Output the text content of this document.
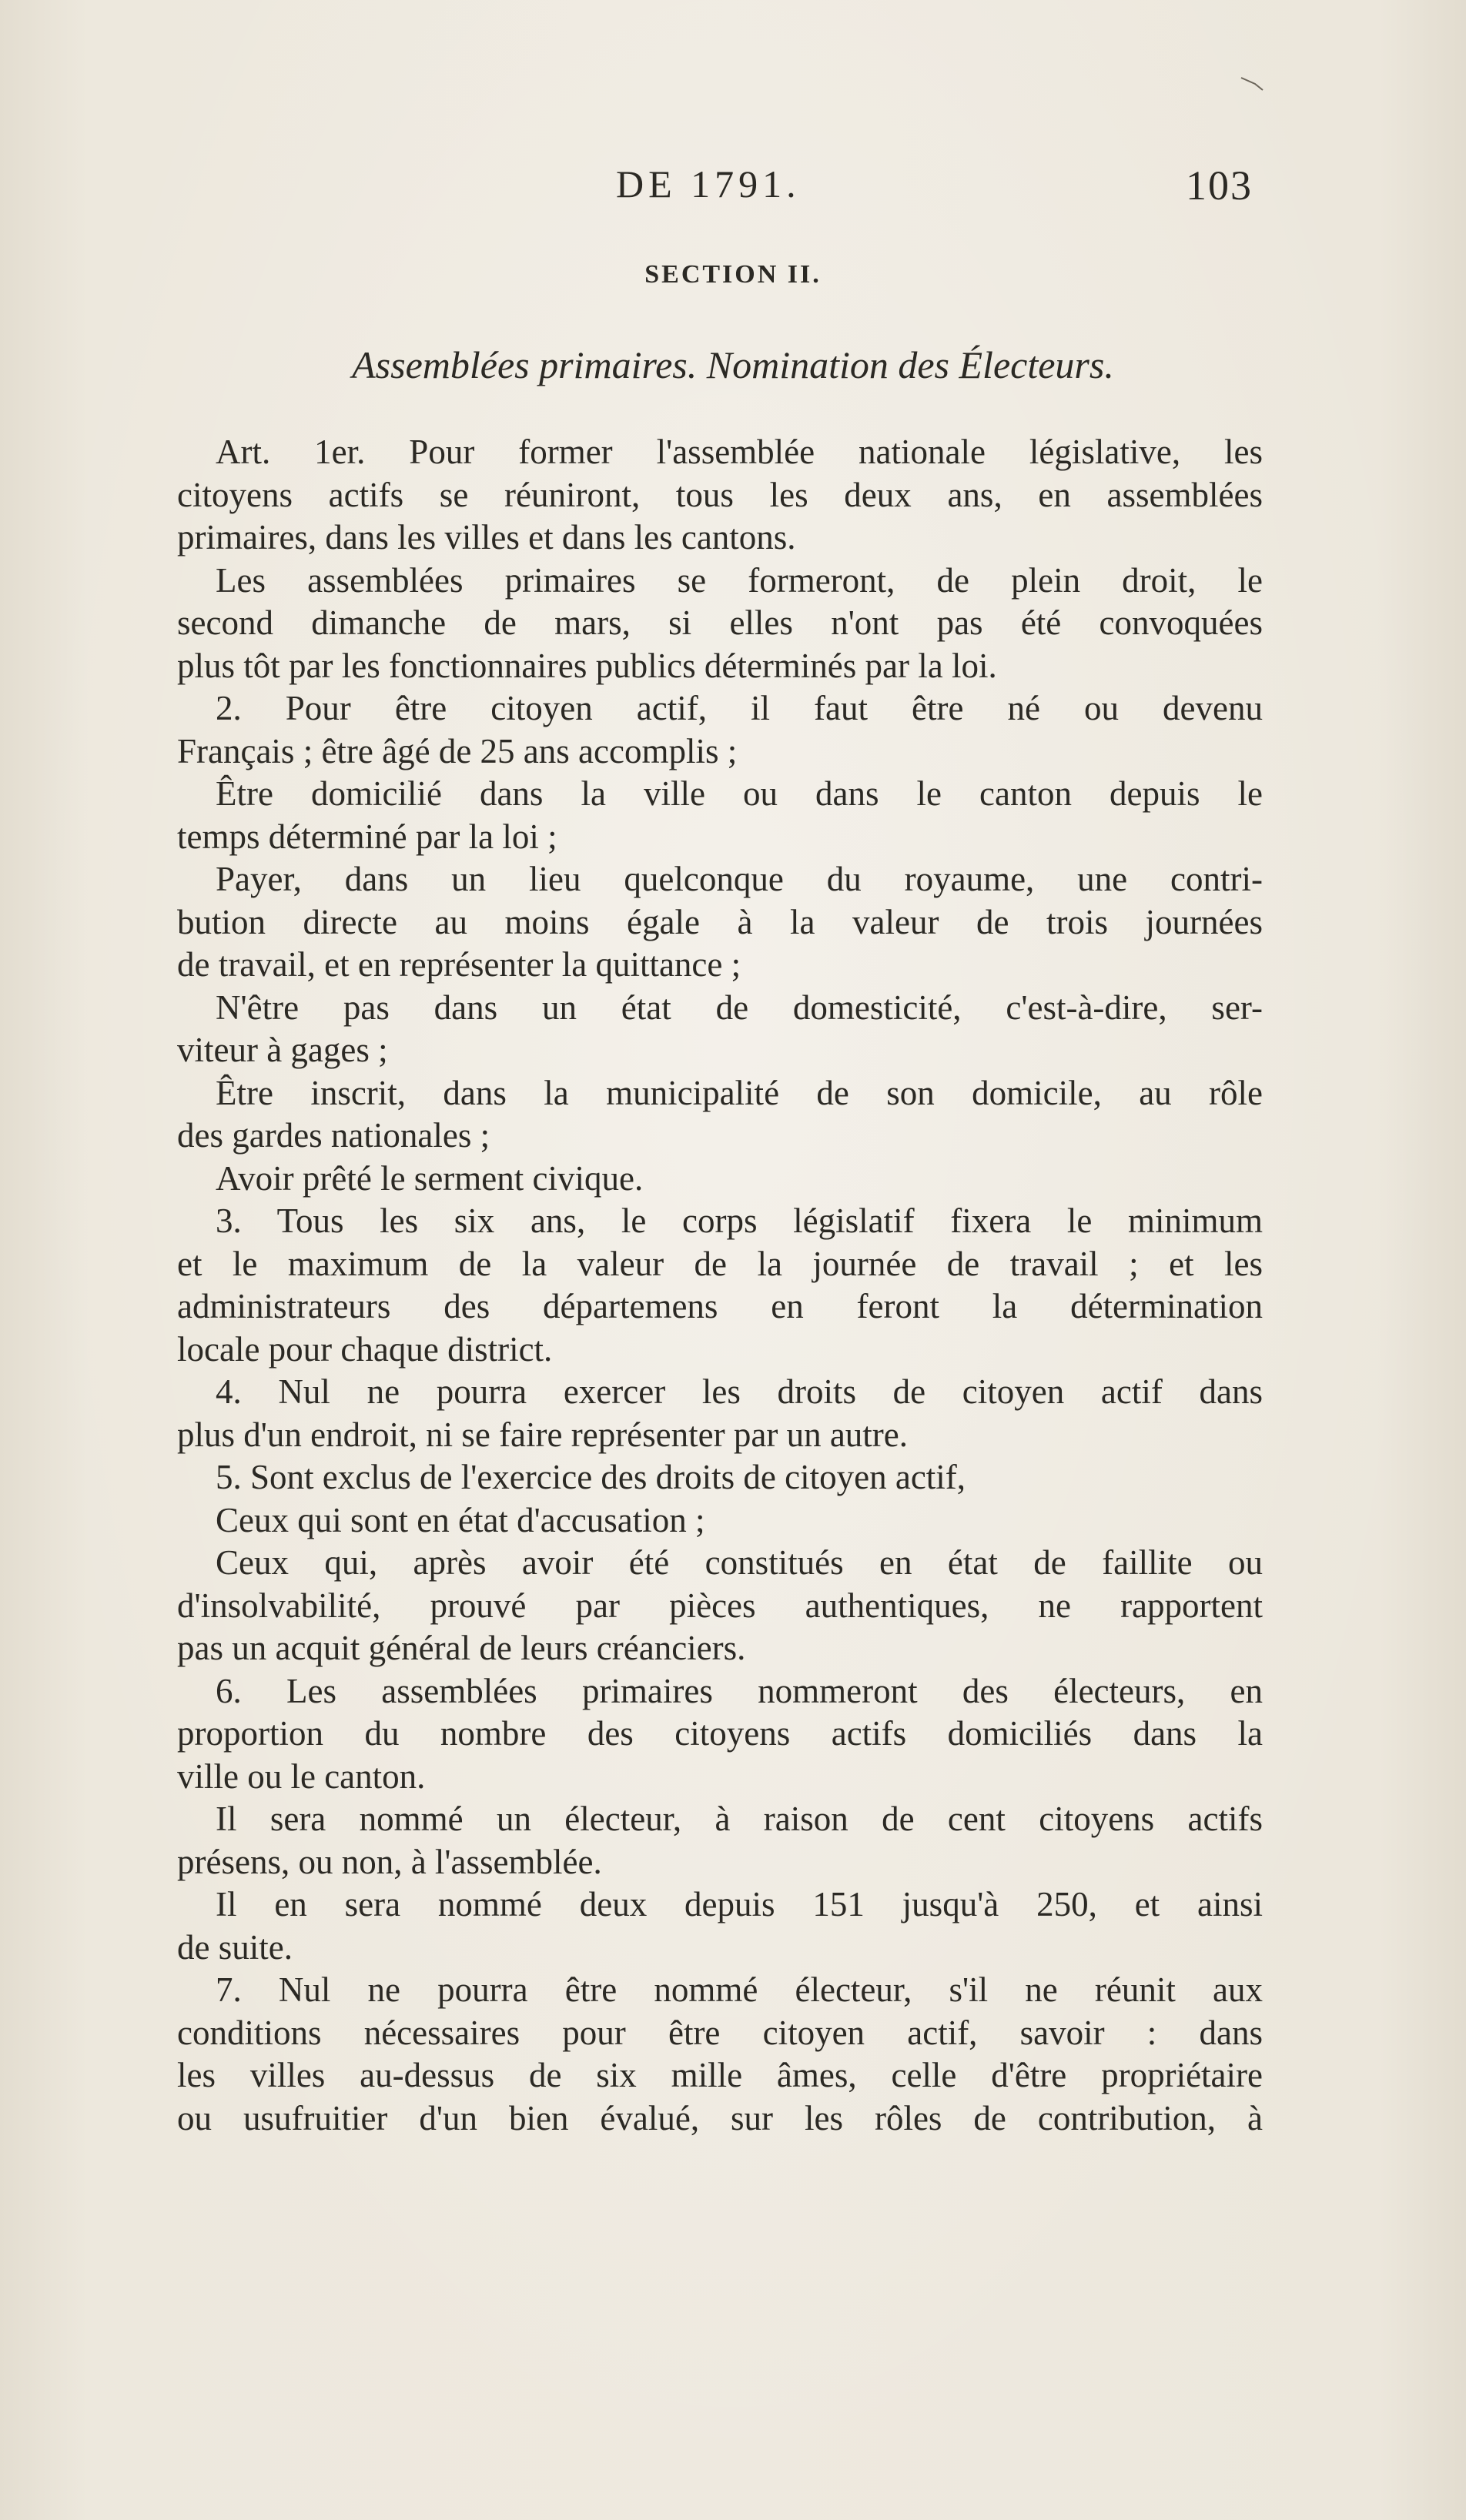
DE 1791.	103
SECTION II.
Assemblées primaires. Nomination des Électeurs.
Art. 1er. Pour former l'assemblée nationale législative, les
citoyens actifs se réuniront, tous les deux ans, en assemblées
primaires, dans les villes et dans les cantons.
Les assemblées primaires se formeront, de plein droit, le
second dimanche de mars, si elles n'ont pas été convoquées
plus tôt par les fonctionnaires publics déterminés par la loi.
2. Pour être citoyen actif, il faut être né ou devenu
Français ; être âgé de 25 ans accomplis ;
Être domicilié dans la ville ou dans le canton depuis le
temps déterminé par la loi ;
Payer, dans un lieu quelconque du royaume, une contri-
bution directe au moins égale à la valeur de trois journées
de travail, et en représenter la quittance ;
N'être pas dans un état de domesticité, c'est-à-dire, ser-
viteur à gages ;
Être inscrit, dans la municipalité de son domicile, au rôle
des gardes nationales ;
Avoir prêté le serment civique.
3. Tous les six ans, le corps législatif fixera le minimum
et le maximum de la valeur de la journée de travail ; et les
administrateurs des départemens en feront la détermination
locale pour chaque district.
4. Nul ne pourra exercer les droits de citoyen actif dans
plus d'un endroit, ni se faire représenter par un autre.
5. Sont exclus de l'exercice des droits de citoyen actif,
Ceux qui sont en état d'accusation ;
Ceux qui, après avoir été constitués en état de faillite ou
d'insolvabilité, prouvé par pièces authentiques, ne rapportent
pas un acquit général de leurs créanciers.
6. Les assemblées primaires nommeront des électeurs, en
proportion du nombre des citoyens actifs domiciliés dans la
ville ou le canton.
Il sera nommé un électeur, à raison de cent citoyens actifs
présens, ou non, à l'assemblée.
Il en sera nommé deux depuis 151 jusqu'à 250, et ainsi
de suite.
7. Nul ne pourra être nommé électeur, s'il ne réunit aux
conditions nécessaires pour être citoyen actif, savoir : dans
les villes au-dessus de six mille âmes, celle d'être propriétaire
ou usufruitier d'un bien évalué, sur les rôles de contribution, à
